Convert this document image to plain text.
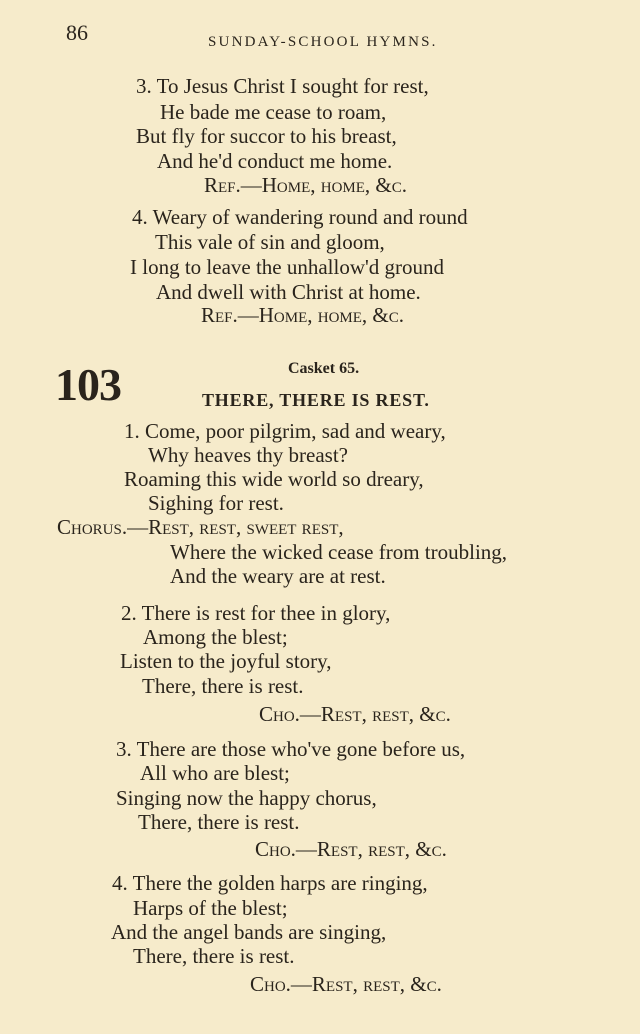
86	SUNDAY-SCHOOL HYMNS.
3. To Jesus Christ I sought for rest,
He bade me cease to roam,
But fly for succor to his breast,
And he'd conduct me home.
Ref.—Home, home, &c.
4. Weary of wandering round and round
This vale of sin and gloom,
I long to leave the unhallow'd ground
And dwell with Christ at home.
Ref.—Home, home, &c.
103	Casket 65.
THERE, THERE IS REST.
1. Come, poor pilgrim, sad and weary,
Why heaves thy breast?
Roaming this wide world so dreary,
Sighing for rest.
Chorus.—Rest, rest, sweet rest,
Where the wicked cease from troubling,
And the weary are at rest.
2. There is rest for thee in glory,
Among the blest;
Listen to the joyful story,
There, there is rest.
Cho.—Rest, rest, &c.
3. There are those who've gone before us,
All who are blest;
Singing now the happy chorus,
There, there is rest.
Cho.—Rest, rest, &c.
4. There the golden harps are ringing,
Harps of the blest;
And the angel bands are singing,
There, there is rest.
Cho.—Rest, rest, &c.
